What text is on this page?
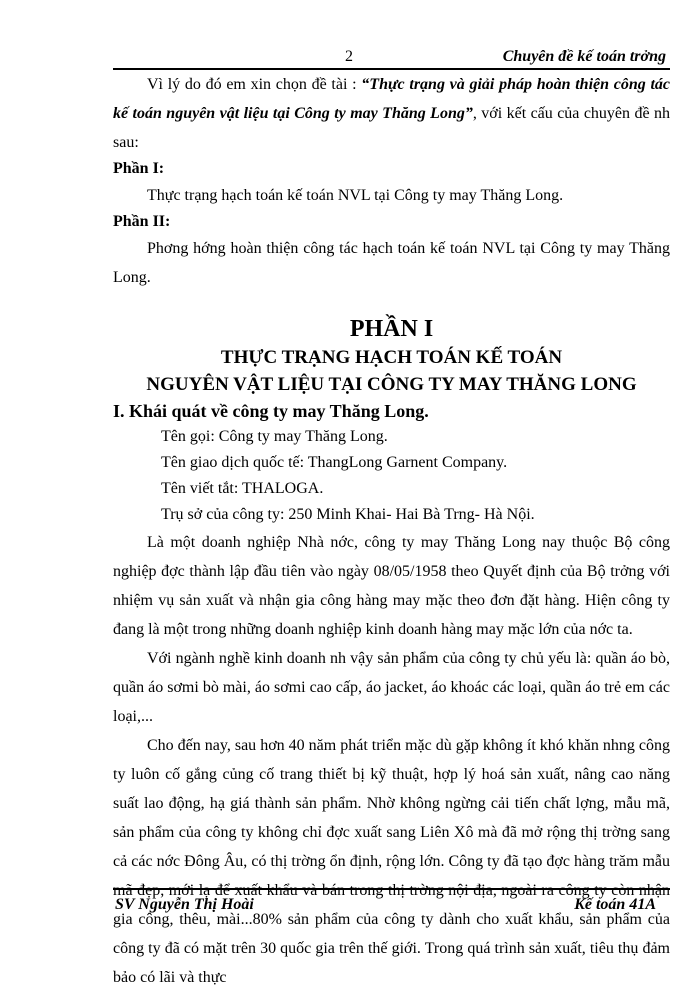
2	Chuyên đề kế toán trởng

Vì lý do đó em xin chọn đề tài : “Thực trạng và giải pháp hoàn thiện công tác kế toán nguyên vật liệu tại Công ty may Thăng Long”, với kết cấu của chuyên đề nh sau:

Phần I:

Thực trạng hạch toán kế toán NVL tại Công ty may Thăng Long.

Phần II:

Phơng hớng hoàn thiện công tác hạch toán kế toán NVL tại Công ty may Thăng Long.

PHẦN I
THỰC TRẠNG HẠCH TOÁN KẾ TOÁN
NGUYÊN VẬT LIỆU TẠI CÔNG TY MAY THĂNG LONG
I. Khái quát về công ty may Thăng Long.

Tên gọi: Công ty may Thăng Long.

Tên giao dịch quốc tế: ThangLong Garnent Company.

Tên viết tắt: THALOGA.

Trụ sở của công ty: 250 Minh Khai- Hai Bà Trng- Hà Nội.

Là một doanh nghiệp Nhà nớc, công ty may Thăng Long nay thuộc Bộ công nghiệp đợc thành lập đầu tiên vào ngày 08/05/1958 theo Quyết định của Bộ trởng với nhiệm vụ sản xuất và nhận gia công hàng may mặc theo đơn đặt hàng. Hiện công ty đang là một trong những doanh nghiệp kinh doanh hàng may mặc lớn của nớc ta.

Với ngành nghề kinh doanh nh vậy sản phẩm của công ty chủ yếu là: quần áo bò, quần áo sơmi bò mài, áo sơmi cao cấp, áo jacket, áo khoác các loại, quần áo trẻ em các loại,...

Cho đến nay, sau hơn 40 năm phát triển mặc dù gặp không ít khó khăn nhng công ty luôn cố gắng củng cố trang thiết bị kỹ thuật, hợp lý hoá sản xuất, nâng cao năng suất lao động, hạ giá thành sản phẩm. Nhờ không ngừng cải tiến chất lợng, mẫu mã, sản phẩm của công ty không chỉ đợc xuất sang Liên Xô mà đã mở rộng thị trờng sang cả các nớc Đông Âu, có thị trờng ổn định, rộng lớn. Công ty đã tạo đợc hàng trăm mẫu mã đẹp, mới lạ để xuất khẩu và bán trong thị trờng nội địa, ngoài ra công ty còn nhận gia công, thêu, mài...80% sản phẩm của công ty dành cho xuất khẩu, sản phẩm của công ty đã có mặt trên 30 quốc gia trên thế giới. Trong quá trình sản xuất, tiêu thụ đảm bảo có lãi và thực

SV Nguyễn Thị Hoài	Kế toán 41A
